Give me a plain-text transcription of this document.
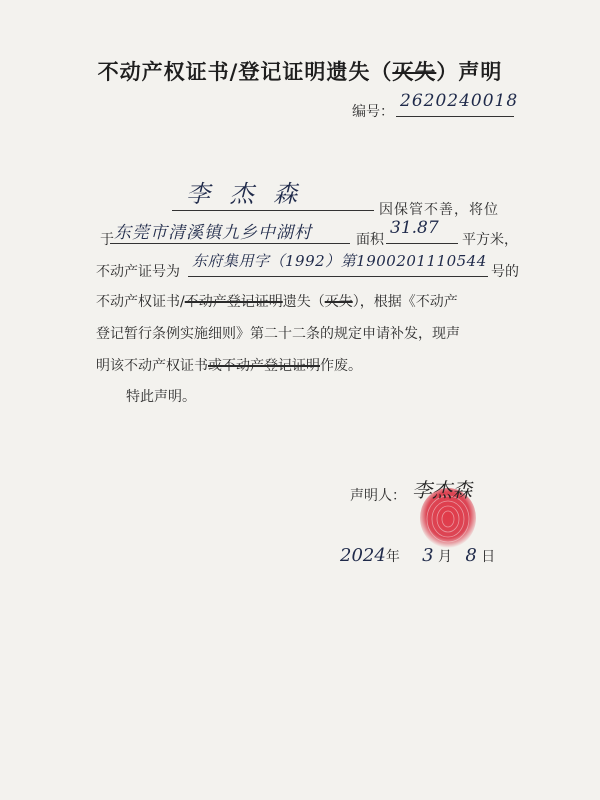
不动产权证书/登记证明遗失（灭失）声明
编号：
2620240018
李 杰 森
因保管不善，将位
于 东莞市清溪镇九乡中湖村	面积
31.87
平方米，
不动产证号为
东府集用字（1992）第1900201110544
号的
不动产权证书/不动产登记证明遗失（灭失），根据《不动产
登记暂行条例实施细则》第二十二条的规定申请补发，现声
明该不动产权证书或不动产登记证明作废。
特此声明。
声明人： 李杰森
2024年 3 月 8 日
